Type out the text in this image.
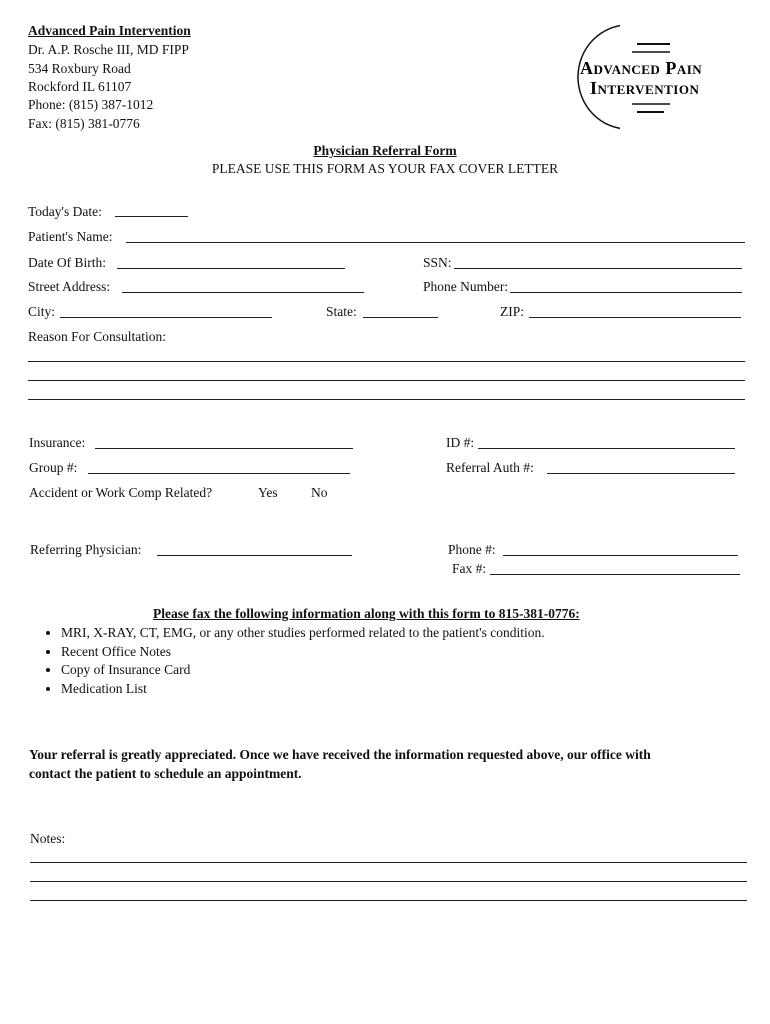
Advanced Pain Intervention
Dr. A.P. Rosche III, MD FIPP
534 Roxbury Road
Rockford IL 61107
Phone: (815) 387-1012
Fax: (815) 381-0776
Advanced Pain
Intervention
Physician Referral Form
PLEASE USE THIS FORM AS YOUR FAX COVER LETTER
Today's Date:
Patient's Name:
Date Of Birth:	SSN:
Street Address:	Phone Number:
City:	State:	ZIP:
Reason For Consultation:
Insurance:	ID #:
Group #:	Referral Auth #:
Accident or Work Comp Related?	Yes No
Referring Physician:	Phone #:
Fax #:
Please fax the following information along with this form to 815-381-0776:
• MRI, X-RAY, CT, EMG, or any other studies performed related to the patient's condition.
• Recent Office Notes
• Copy of Insurance Card
• Medication List
Your referral is greatly appreciated. Once we have received the information requested above, our office with
contact the patient to schedule an appointment.
Notes:
